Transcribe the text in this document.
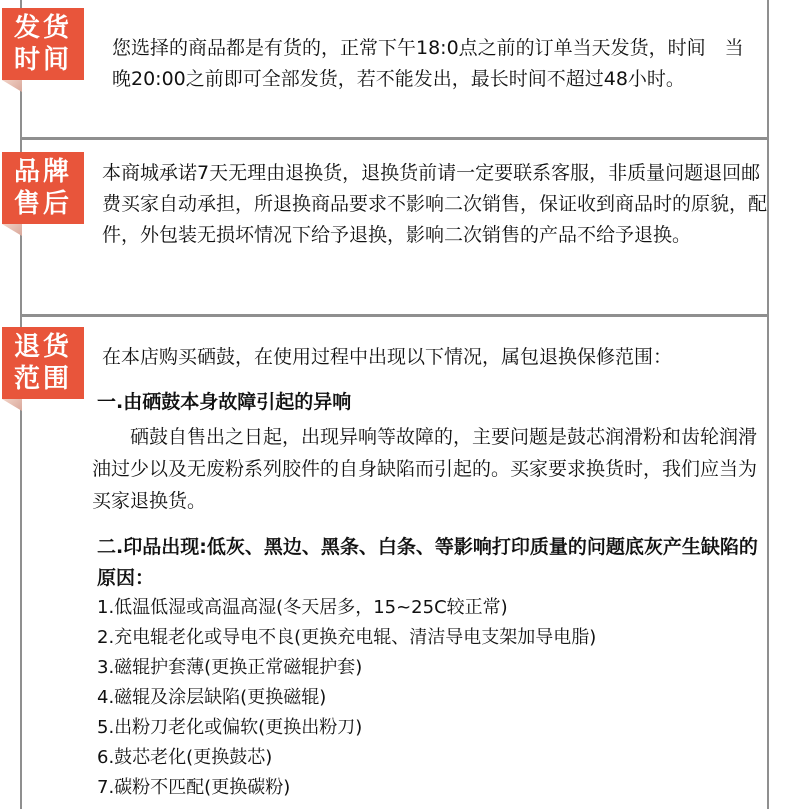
发货
时间	您选择的商品都是有货的，正常下午18:0点之前的订单当天发货，时间　当晚20:00之前即可全部发货，若不能发出，最长时间不超过48小时。
品牌
售后
本商城承诺7天无理由退换货，退换货前请一定要联系客服，非质量问题退回邮费买家自动承担，所退换商品要求不影响二次销售，保证收到商品时的原貌，配件，外包装无损坏情况下给予退换，影响二次销售的产品不给予退换。
退货
范围
在本店购买硒鼓，在使用过程中出现以下情况，属包退换保修范围：
一.由硒鼓本身故障引起的异响
硒鼓自售出之日起，出现异响等故障的，主要问题是鼓芯润滑粉和齿轮润滑油过少以及无废粉系列胶件的自身缺陷而引起的。买家要求换货时，我们应当为买家退换货。
二.印品出现:低灰、黑边、黑条、白条、等影响打印质量的问题底灰产生缺陷的原因：
1.低温低湿或高温高湿(冬天居多，15~25C较正常)
2.充电辊老化或导电不良(更换充电辊、清洁导电支架加导电脂)
3.磁辊护套薄(更换正常磁辊护套)
4.磁辊及涂层缺陷(更换磁辊)
5.出粉刀老化或偏软(更换出粉刀)
6.鼓芯老化(更换鼓芯)
7.碳粉不匹配(更换碳粉)
